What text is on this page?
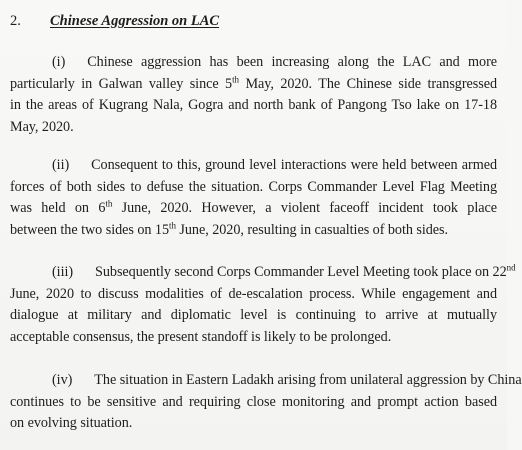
2. Chinese Aggression on LAC
(i) Chinese aggression has been increasing along the LAC and more
particularly in Galwan valley since 5th May, 2020. The Chinese side transgressed
in the areas of Kugrang Nala, Gogra and north bank of Pangong Tso lake on 17-18
May, 2020.
(ii) Consequent to this, ground level interactions were held between armed
forces of both sides to defuse the situation. Corps Commander Level Flag Meeting
was held on 6th June, 2020. However, a violent faceoff incident took place
between the two sides on 15th June, 2020, resulting in casualties of both sides.
(iii) Subsequently second Corps Commander Level Meeting took place on 22nd
June, 2020 to discuss modalities of de-escalation process. While engagement and
dialogue at military and diplomatic level is continuing to arrive at mutually
acceptable consensus, the present standoff is likely to be prolonged.
(iv) The situation in Eastern Ladakh arising from unilateral aggression by China
continues to be sensitive and requiring close monitoring and prompt action based
on evolving situation.
